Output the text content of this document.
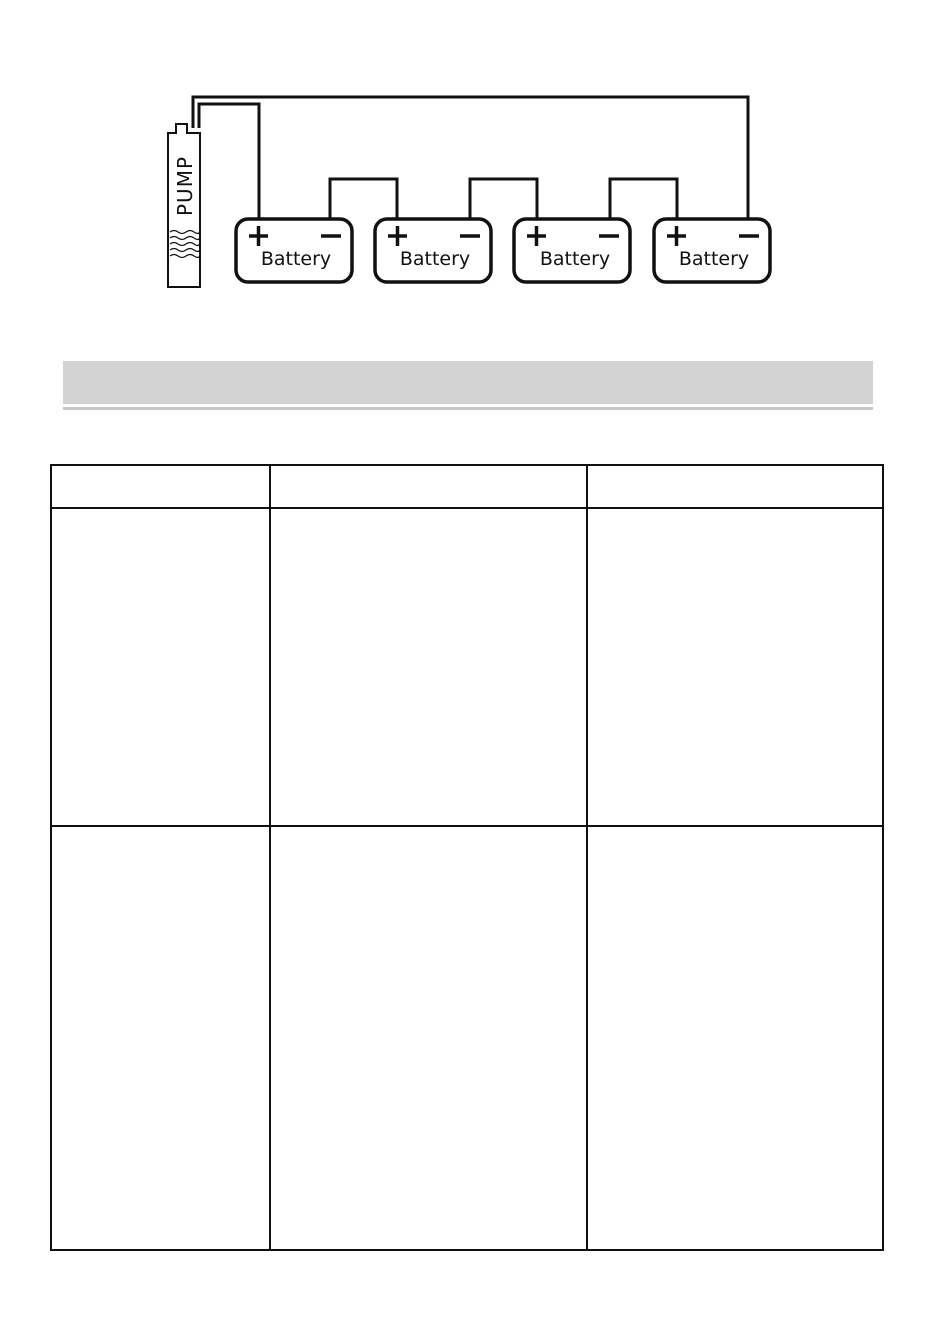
PUMP
Battery	Battery	Battery	Battery
